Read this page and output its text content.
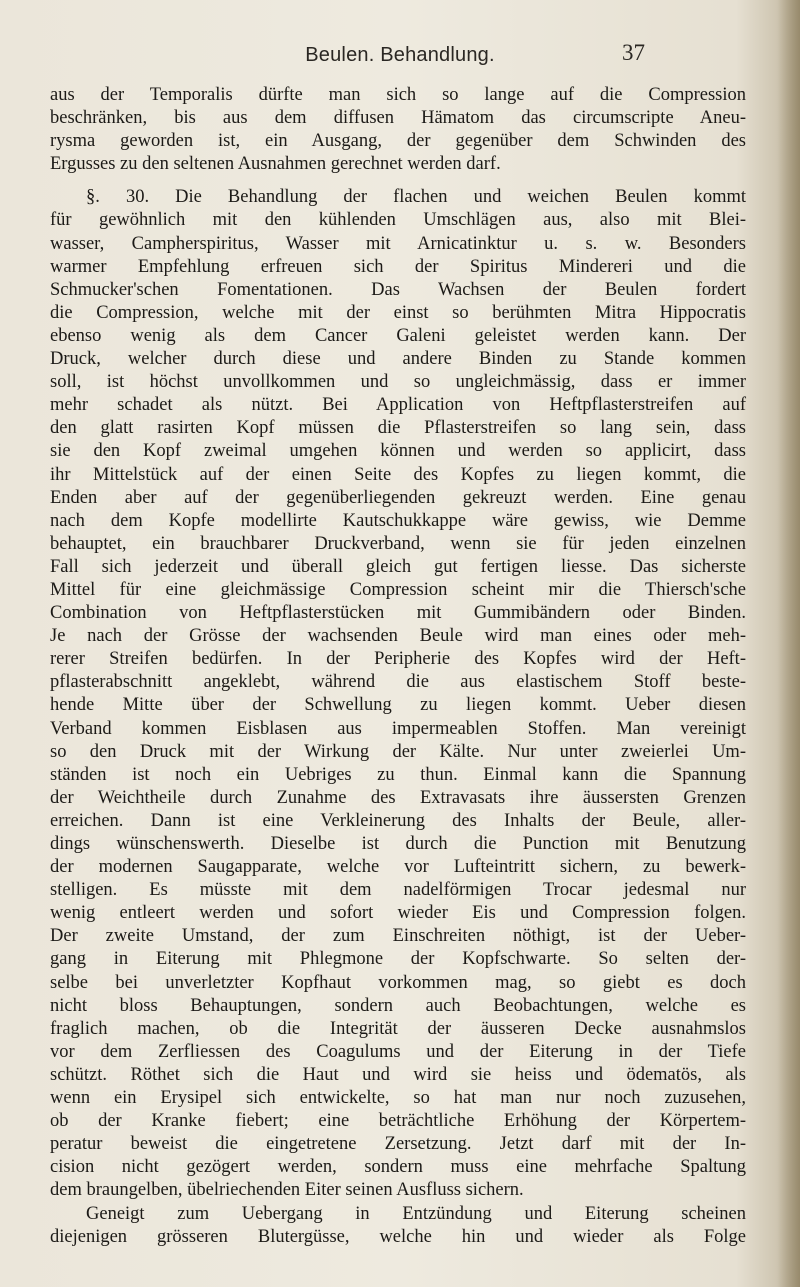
Beulen. Behandlung.	37
aus der Temporalis dürfte man sich so lange auf die Compression
beschränken, bis aus dem diffusen Hämatom das circumscripte Aneu-
rysma geworden ist, ein Ausgang, der gegenüber dem Schwinden des
Ergusses zu den seltenen Ausnahmen gerechnet werden darf.
§. 30. Die Behandlung der flachen und weichen Beulen kommt
für gewöhnlich mit den kühlenden Umschlägen aus, also mit Blei-
wasser, Campherspiritus, Wasser mit Arnicatinktur u. s. w. Besonders
warmer Empfehlung erfreuen sich der Spiritus Mindereri und die
Schmucker'schen Fomentationen. Das Wachsen der Beulen fordert
die Compression, welche mit der einst so berühmten Mitra Hippocratis
ebenso wenig als dem Cancer Galeni geleistet werden kann. Der
Druck, welcher durch diese und andere Binden zu Stande kommen
soll, ist höchst unvollkommen und so ungleichmässig, dass er immer
mehr schadet als nützt. Bei Application von Heftpflasterstreifen auf
den glatt rasirten Kopf müssen die Pflasterstreifen so lang sein, dass
sie den Kopf zweimal umgehen können und werden so applicirt, dass
ihr Mittelstück auf der einen Seite des Kopfes zu liegen kommt, die
Enden aber auf der gegenüberliegenden gekreuzt werden. Eine genau
nach dem Kopfe modellirte Kautschukkappe wäre gewiss, wie Demme
behauptet, ein brauchbarer Druckverband, wenn sie für jeden einzelnen
Fall sich jederzeit und überall gleich gut fertigen liesse. Das sicherste
Mittel für eine gleichmässige Compression scheint mir die Thiersch'sche
Combination von Heftpflasterstücken mit Gummibändern oder Binden.
Je nach der Grösse der wachsenden Beule wird man eines oder meh-
rerer Streifen bedürfen. In der Peripherie des Kopfes wird der Heft-
pflasterabschnitt angeklebt, während die aus elastischem Stoff beste-
hende Mitte über der Schwellung zu liegen kommt. Ueber diesen
Verband kommen Eisblasen aus impermeablen Stoffen. Man vereinigt
so den Druck mit der Wirkung der Kälte. Nur unter zweierlei Um-
ständen ist noch ein Uebriges zu thun. Einmal kann die Spannung
der Weichtheile durch Zunahme des Extravasats ihre äussersten Grenzen
erreichen. Dann ist eine Verkleinerung des Inhalts der Beule, aller-
dings wünschenswerth. Dieselbe ist durch die Punction mit Benutzung
der modernen Saugapparate, welche vor Lufteintritt sichern, zu bewerk-
stelligen. Es müsste mit dem nadelförmigen Trocar jedesmal nur
wenig entleert werden und sofort wieder Eis und Compression folgen.
Der zweite Umstand, der zum Einschreiten nöthigt, ist der Ueber-
gang in Eiterung mit Phlegmone der Kopfschwarte. So selten der-
selbe bei unverletzter Kopfhaut vorkommen mag, so giebt es doch
nicht bloss Behauptungen, sondern auch Beobachtungen, welche es
fraglich machen, ob die Integrität der äusseren Decke ausnahmslos
vor dem Zerfliessen des Coagulums und der Eiterung in der Tiefe
schützt. Röthet sich die Haut und wird sie heiss und ödematös, als
wenn ein Erysipel sich entwickelte, so hat man nur noch zuzusehen,
ob der Kranke fiebert; eine beträchtliche Erhöhung der Körpertem-
peratur beweist die eingetretene Zersetzung. Jetzt darf mit der In-
cision nicht gezögert werden, sondern muss eine mehrfache Spaltung
dem braungelben, übelriechenden Eiter seinen Ausfluss sichern.
Geneigt zum Uebergang in Entzündung und Eiterung scheinen
diejenigen grösseren Blutergüsse, welche hin und wieder als Folge
